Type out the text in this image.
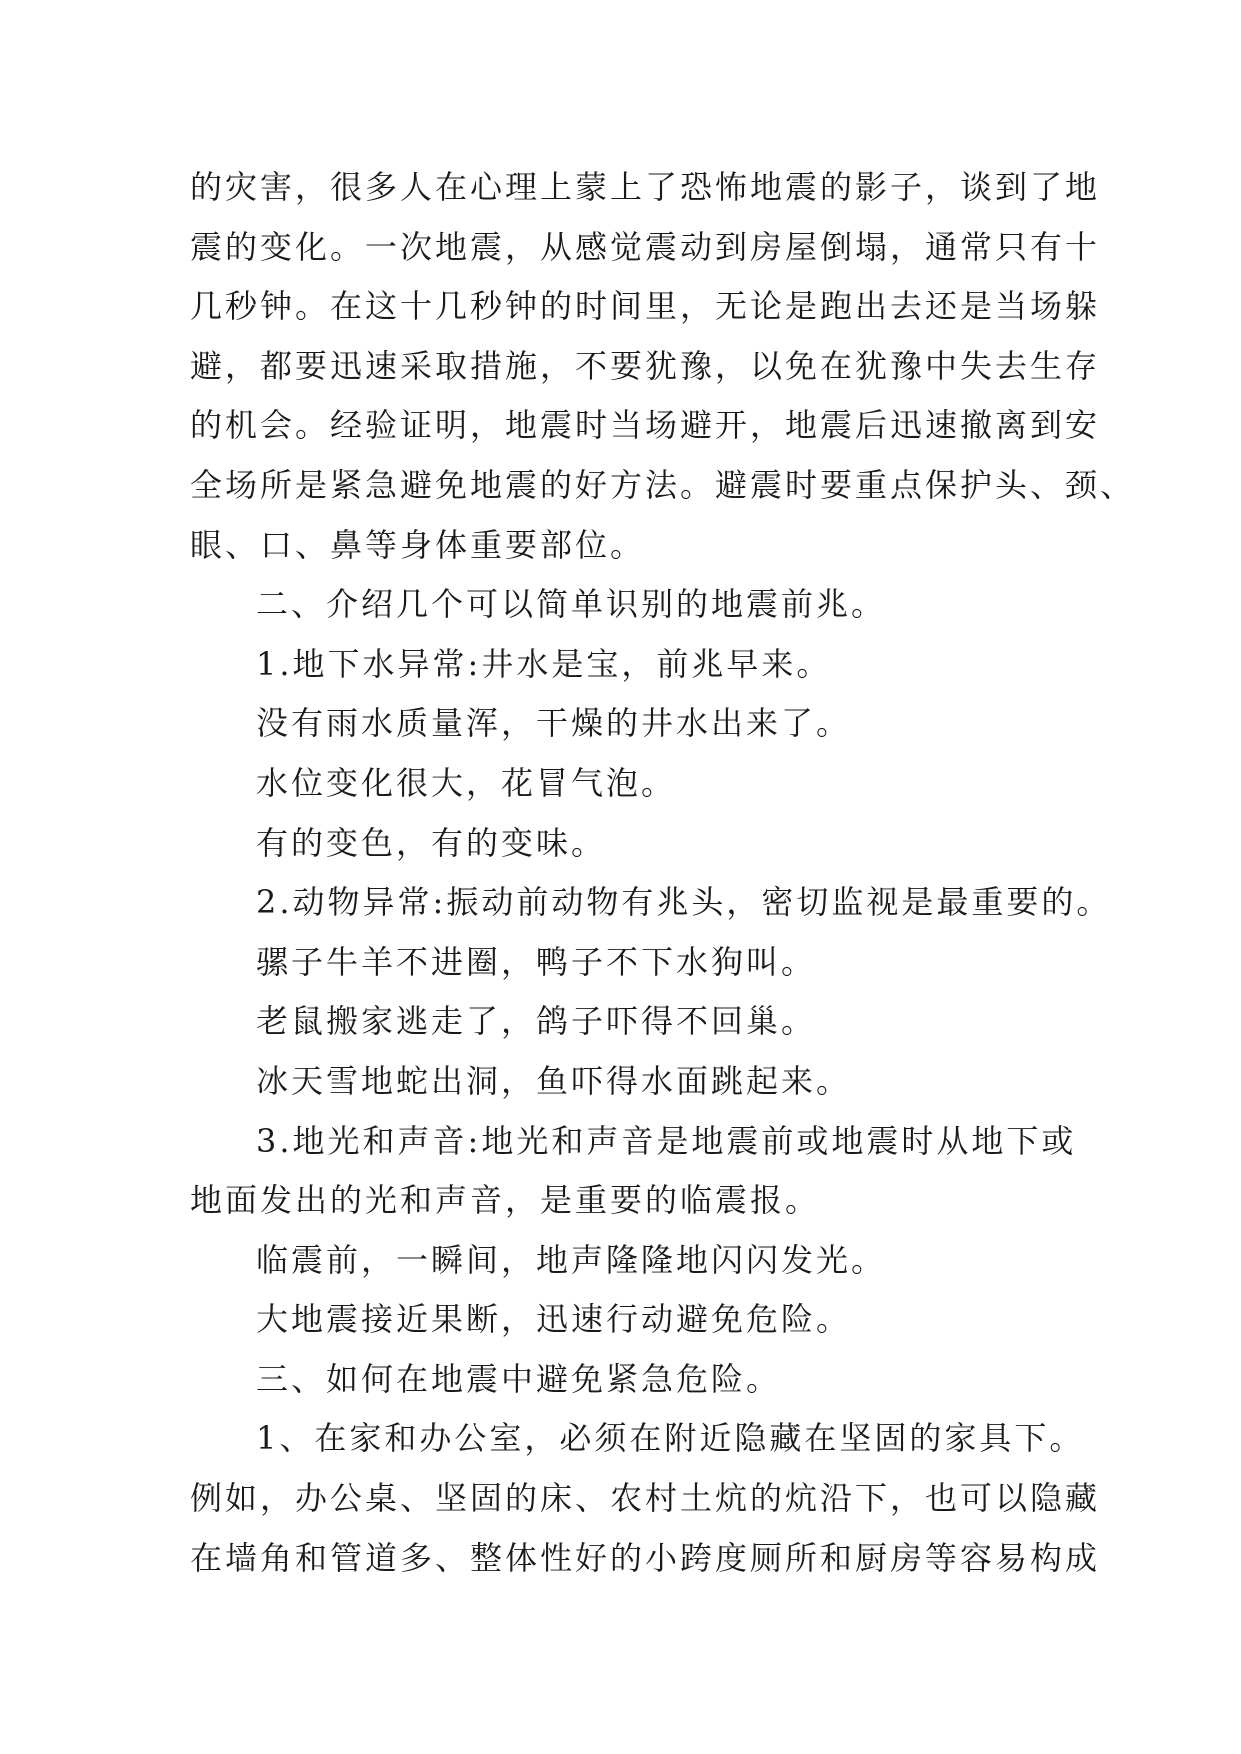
的灾害，很多人在心理上蒙上了恐怖地震的影子，谈到了地
震的变化。一次地震，从感觉震动到房屋倒塌，通常只有十
几秒钟。在这十几秒钟的时间里，无论是跑出去还是当场躲
避，都要迅速采取措施，不要犹豫，以免在犹豫中失去生存
的机会。经验证明，地震时当场避开，地震后迅速撤离到安
全场所是紧急避免地震的好方法。避震时要重点保护头、颈、
眼、口、鼻等身体重要部位。
二、介绍几个可以简单识别的地震前兆。
1.地下水异常:井水是宝，前兆早来。
没有雨水质量浑，干燥的井水出来了。
水位变化很大，花冒气泡。
有的变色，有的变味。
2.动物异常:振动前动物有兆头，密切监视是最重要的。
骡子牛羊不进圈，鸭子不下水狗叫。
老鼠搬家逃走了，鸽子吓得不回巢。
冰天雪地蛇出洞，鱼吓得水面跳起来。
3.地光和声音:地光和声音是地震前或地震时从地下或
地面发出的光和声音，是重要的临震报。
临震前，一瞬间，地声隆隆地闪闪发光。
大地震接近果断，迅速行动避免危险。
三、如何在地震中避免紧急危险。
1、在家和办公室，必须在附近隐藏在坚固的家具下。
例如，办公桌、坚固的床、农村土炕的炕沿下，也可以隐藏
在墙角和管道多、整体性好的小跨度厕所和厨房等容易构成
